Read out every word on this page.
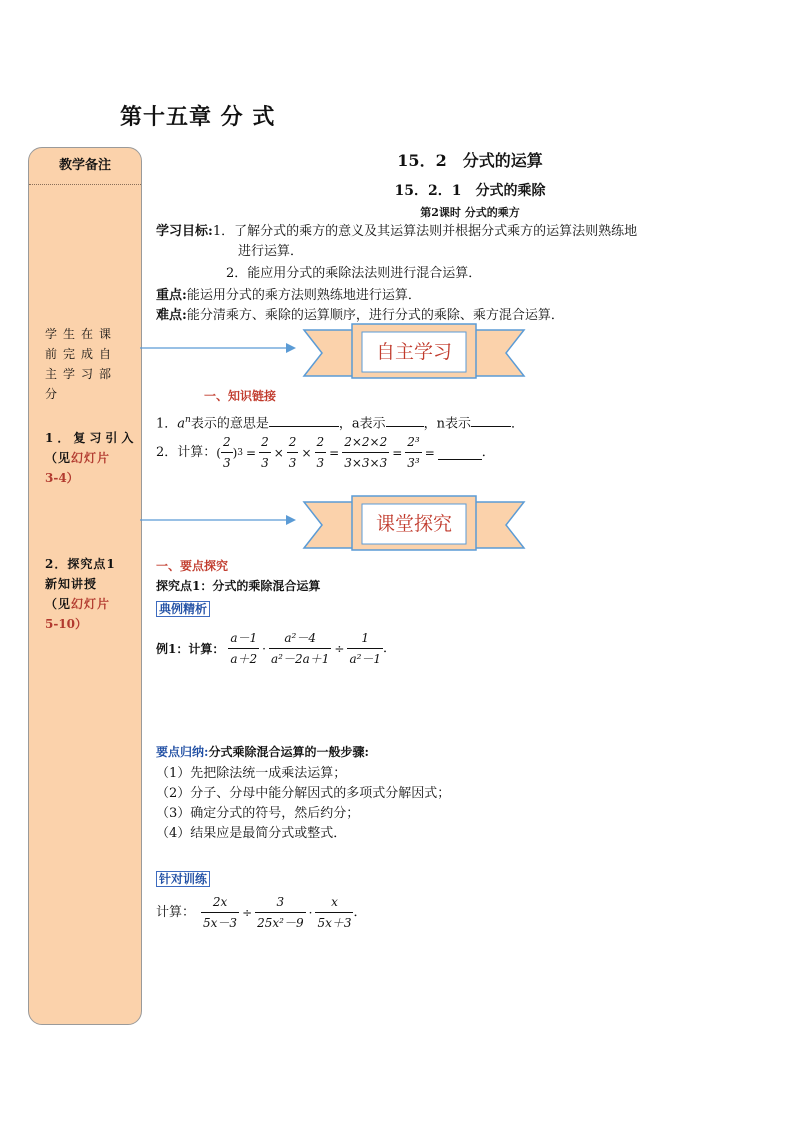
第十五章 分 式
教学备注
学生在课前完成自主学习部分
1．复习引入
（见幻灯片
3-4）
2．探究点1
新知讲授
（见幻灯片
5-10）
15．2　分式的运算
15．2．1　分式的乘除
第2课时 分式的乘方
学习目标:1．了解分式的乘方的意义及其运算法则并根据分式乘方的运算法则熟练地
进行运算．
2．能应用分式的乘除法法则进行混合运算．
重点:能运用分式的乘方法则熟练地进行运算．
难点:能分清乘方、乘除的运算顺序，进行分式的乘除、乘方混合运算．
自主学习
一、知识链接
1．$a^n$表示的意思是	，a表示	，n表示	．
2．计算： ( $\frac{2}{3}$ ) $3 = \frac{2}{3} \times \frac{2}{3} \times \frac{2}{3} = \frac{2\times 2\times 2}{3\times 3\times 3} = \frac{\text{2³}}{\text{3³}}$ =	．
课堂探究
一、要点探究
探究点1：分式的乘除混合运算
典例精析
例1：计算： $\frac{a-1}{a+2} \cdot \frac{\text{a²－4}}{\text{a²－2a＋1}} \div \frac{1}{\text{a²－1}}$ ．
要点归纳:分式乘除混合运算的一般步骤:
（1）先把除法统一成乘法运算；
（2）分子、分母中能分解因式的多项式分解因式；
（3）确定分式的符号，然后约分；
（4）结果应是最简分式或整式．
针对训练
计算： $\frac{2x}{5x-3} \div \frac{3}{\text{25x²－9}} \cdot \frac{x}{5x+3}$ ．
